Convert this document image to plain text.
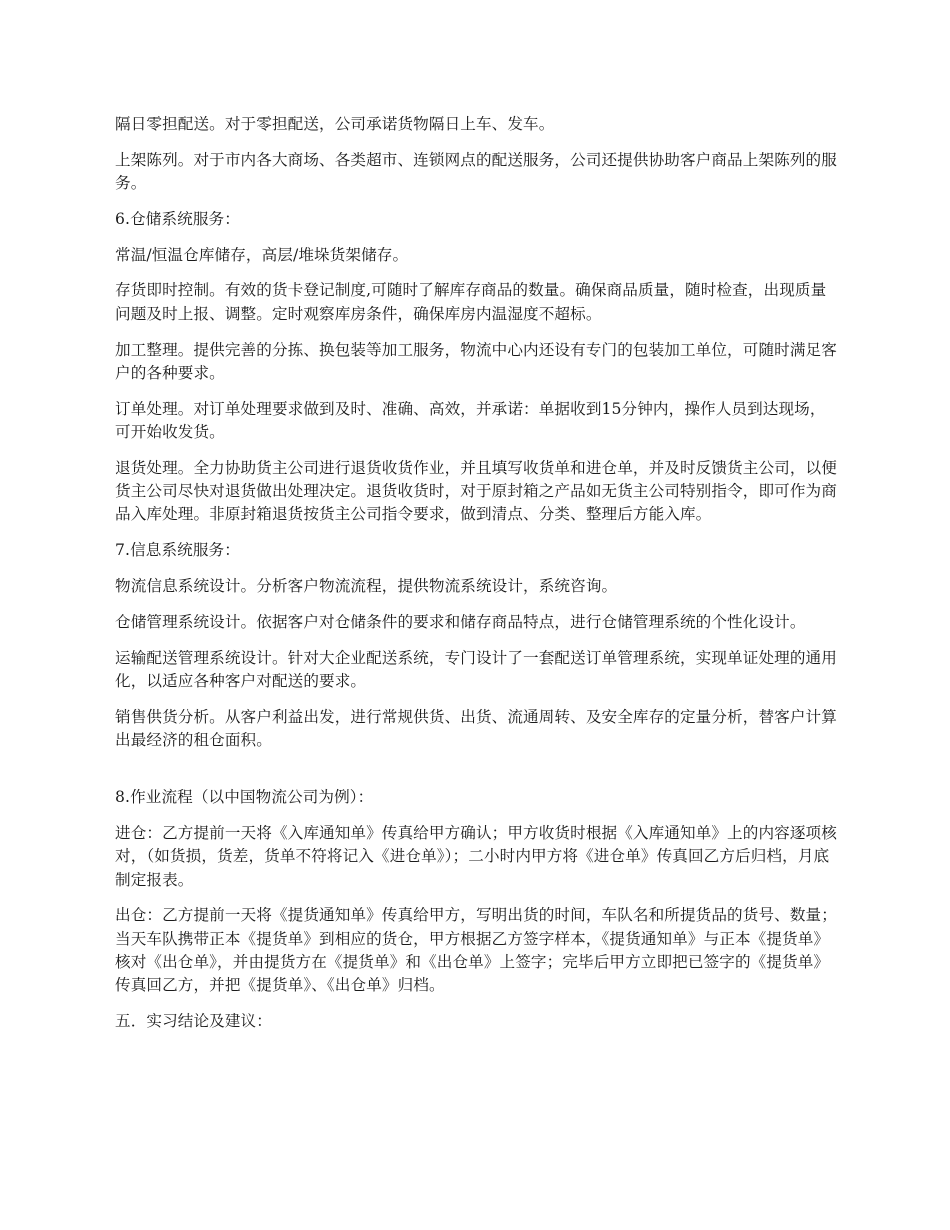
隔日零担配送。对于零担配送，公司承诺货物隔日上车、发车。

上架陈列。对于市内各大商场、各类超市、连锁网点的配送服务，公司还提供协助客户商品上架陈列的服务。

6.仓储系统服务：

常温/恒温仓库储存，高层/堆垛货架储存。

存货即时控制。有效的货卡登记制度,可随时了解库存商品的数量。确保商品质量，随时检查，出现质量问题及时上报、调整。定时观察库房条件，确保库房内温湿度不超标。

加工整理。提供完善的分拣、换包装等加工服务，物流中心内还设有专门的包装加工单位，可随时满足客户的各种要求。

订单处理。对订单处理要求做到及时、准确、高效，并承诺：单据收到15分钟内，操作人员到达现场，可开始收发货。

退货处理。全力协助货主公司进行退货收货作业，并且填写收货单和进仓单，并及时反馈货主公司，以便货主公司尽快对退货做出处理决定。退货收货时，对于原封箱之产品如无货主公司特别指令，即可作为商品入库处理。非原封箱退货按货主公司指令要求，做到清点、分类、整理后方能入库。

7.信息系统服务：

物流信息系统设计。分析客户物流流程，提供物流系统设计，系统咨询。

仓储管理系统设计。依据客户对仓储条件的要求和储存商品特点，进行仓储管理系统的个性化设计。

运输配送管理系统设计。针对大企业配送系统，专门设计了一套配送订单管理系统，实现单证处理的通用化，以适应各种客户对配送的要求。

销售供货分析。从客户利益出发，进行常规供货、出货、流通周转、及安全库存的定量分析，替客户计算出最经济的租仓面积。

8.作业流程（以中国物流公司为例）：

进仓：乙方提前一天将《入库通知单》传真给甲方确认；甲方收货时根据《入库通知单》上的内容逐项核对，（如货损，货差，货单不符将记入《进仓单》）；二小时内甲方将《进仓单》传真回乙方后归档，月底制定报表。

出仓：乙方提前一天将《提货通知单》传真给甲方，写明出货的时间，车队名和所提货品的货号、数量；当天车队携带正本《提货单》到相应的货仓，甲方根据乙方签字样本，《提货通知单》与正本《提货单》核对《出仓单》，并由提货方在《提货单》和《出仓单》上签字；完毕后甲方立即把已签字的《提货单》传真回乙方，并把《提货单》、《出仓单》归档。

五．实习结论及建议：
